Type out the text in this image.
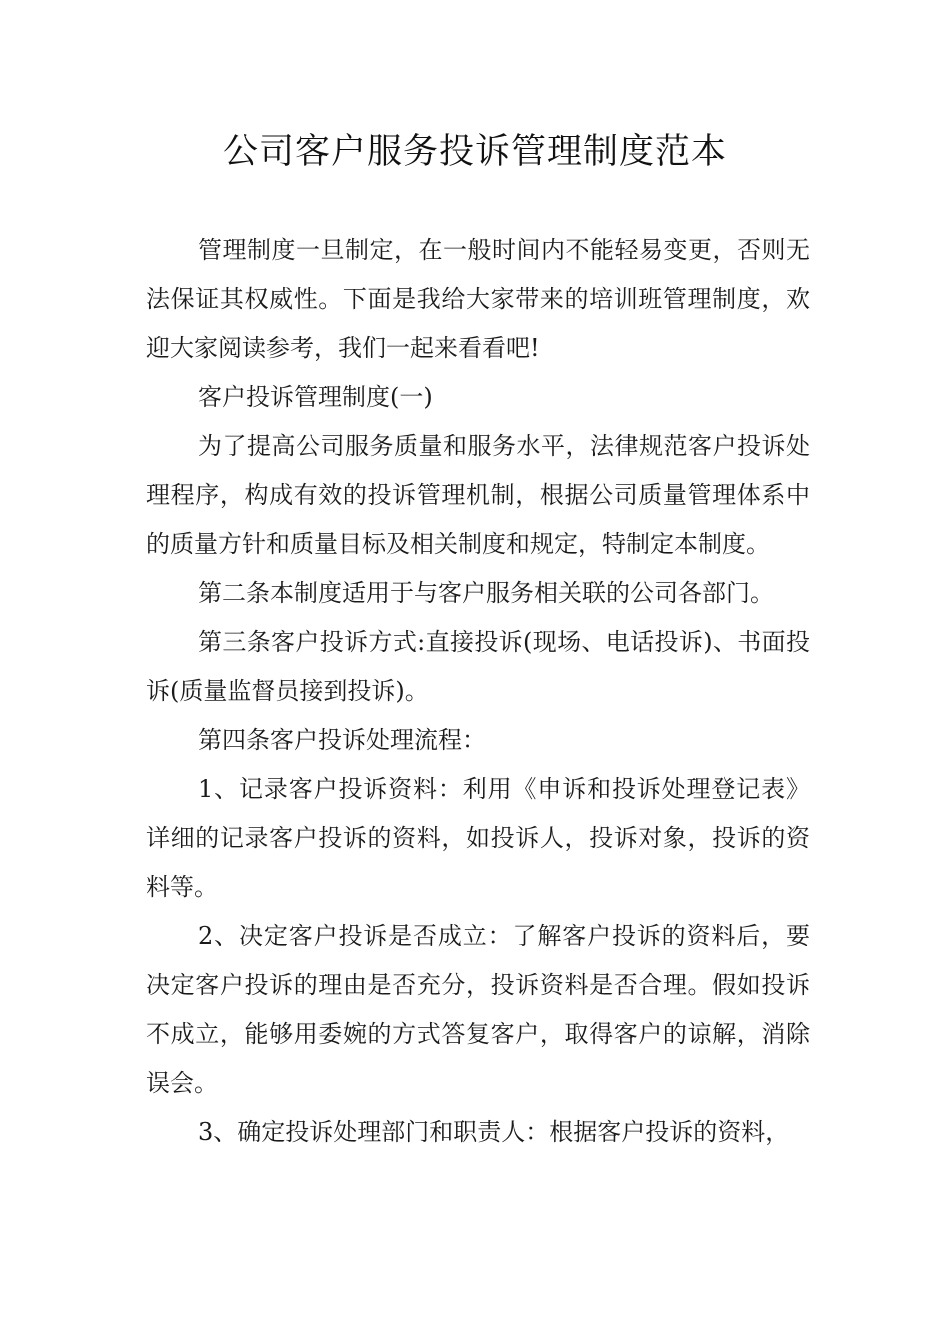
公司客户服务投诉管理制度范本

管理制度一旦制定，在一般时间内不能轻易变更，否则无法保证其权威性。下面是我给大家带来的培训班管理制度，欢迎大家阅读参考，我们一起来看看吧!

客户投诉管理制度(一)

为了提高公司服务质量和服务水平，法律规范客户投诉处理程序，构成有效的投诉管理机制，根据公司质量管理体系中的质量方针和质量目标及相关制度和规定，特制定本制度。

第二条本制度适用于与客户服务相关联的公司各部门。

第三条客户投诉方式:直接投诉(现场、电话投诉)、书面投诉(质量监督员接到投诉)。

第四条客户投诉处理流程：

1、记录客户投诉资料：利用《申诉和投诉处理登记表》详细的记录客户投诉的资料，如投诉人，投诉对象，投诉的资料等。

2、决定客户投诉是否成立：了解客户投诉的资料后，要决定客户投诉的理由是否充分，投诉资料是否合理。假如投诉不成立，能够用委婉的方式答复客户，取得客户的谅解，消除误会。

3、确定投诉处理部门和职责人：根据客户投诉的资料，
